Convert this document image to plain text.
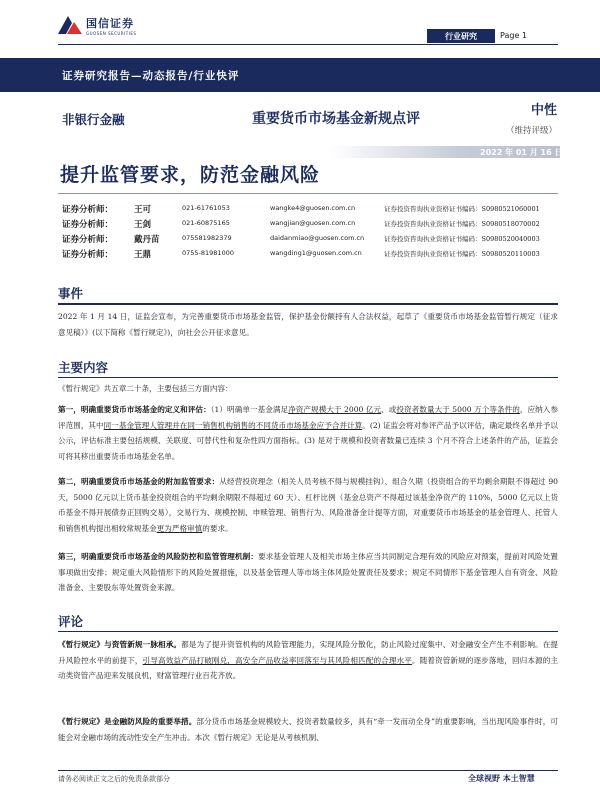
国信证券
GUOSEN SECURITIES	行业研究	Page 1
证券研究报告—动态报告/行业快评
非银行金融	重要货币市场基金新规点评
中性
（维持评级）
2022 年 01 月 16 日
提升监管要求，防范金融风险
证券分析师： 王可	021-61761053	wangke4@guosen.com.cn	证券投资咨询执业资格证书编码：S0980521060001
证券分析师： 王剑	021-60875165	wangjian@guosen.com.cn	证券投资咨询执业资格证书编码：S0980518070002
证券分析师： 戴丹苗	075581982379	daidanmiao@guosen.com.cn	证券投资咨询执业资格证书编码：S0980520040003
证券分析师： 王鼎	0755-81981000	wangding1@guosen.com.cn	证券投资咨询执业资格证书编码：S0980520110003
事件
2022 年 1 月 14 日，证监会宣布，为完善重要货币市场基金监管，保护基金份额持有人合法权益，起草了《重要货币市场基金监管暂行规定（征求意见稿）》(以下简称《暂行规定》)，向社会公开征求意见。
主要内容
《暂行规定》共五章二十条，主要包括三方面内容：
第一，明确重要货币市场基金的定义和评估：（1）明确单一基金满足净资产规模大于 2000 亿元、或投资者数量大于 5000 万个等条件的，应纳入参评范围，其中同一基金管理人管理并在同一销售机构销售的不同货币市场基金应予合并计算。(2) 证监会将对参评产品予以评估，确定最终名单并予以公示，评估标准主要包括规模、关联度、可替代性和复杂性四方面指标。(3) 是对于规模和投资者数量已连续 3 个月不符合上述条件的产品，证监会可将其移出重要货币市场基金名单。
第二，明确重要货币市场基金的附加监管要求：从经营投资理念（相关人员考核不得与规模挂钩）、组合久期（投资组合的平均剩余期限不得超过 90 天，5000 亿元以上货币基金投资组合的平均剩余期限不得超过 60 天）、杠杆比例（基金总资产不得超过该基金净资产的 110%，5000 亿元以上货币基金不得开展债券正回购交易），交易行为、规模控制、申赎管理、销售行为、风险准备金计提等方面，对重要货币市场基金的基金管理人、托管人和销售机构提出相较常规基金更为严格审慎的要求。
第三，明确重要货币市场基金的风险防控和监管管理机制：要求基金管理人及相关市场主体应当共同制定合理有效的风险应对预案，提前对风险处置事项做出安排；规定重大风险情形下的风险处置措施，以及基金管理人等市场主体风险处置责任及要求；规定不同情形下基金管理人自有资金、风险准备金、主要股东等处置资金来源。
评论
《暂行规定》与资管新规一脉相承。都是为了提升资管机构的风险管理能力，实现风险分散化，防止风险过度集中、对金融安全产生不利影响。在提升风险控水平的前提下，引导高效益产品打破刚兑，高安全产品收益率回落至与其风险相匹配的合理水平。随着资管新规的逐步落地，回归本源的主动类资管产品迎来发展良机，财富管理行业百花齐放。
《暂行规定》是金融防风险的重要举措。部分货币市场基金规模较大、投资者数量较多，具有“牵一发而动全身”的重要影响，当出现风险事件时，可能会对金融市场的流动性安全产生冲击。本次《暂行规定》无论是从考核机制、
请务必阅读正文之后的免责条款部分	全球视野 本土智慧
